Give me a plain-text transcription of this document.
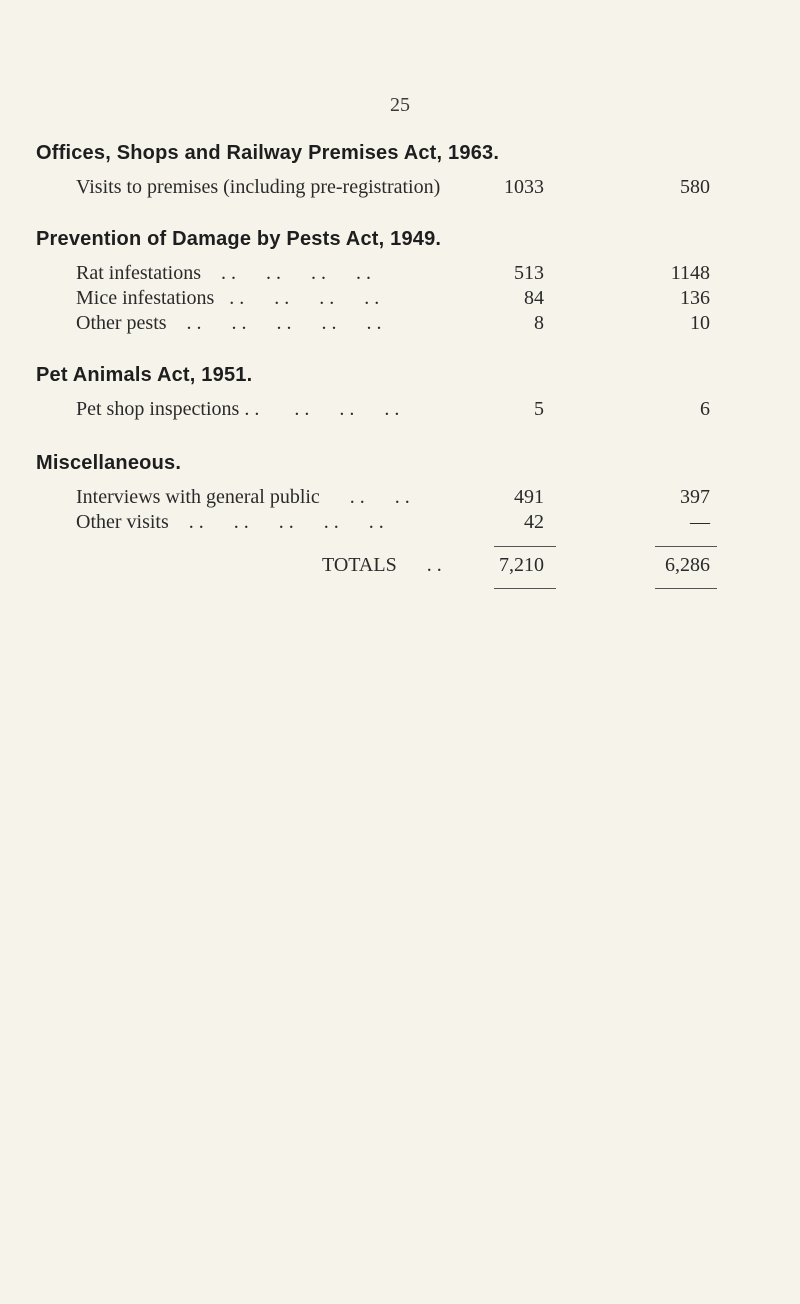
25
Offices, Shops and Railway Premises Act, 1963.
Visits to premises (including pre-registration)	1033	580
Prevention of Damage by Pests Act, 1949.
Rat infestations    . .      . .      . .      . .	513	1148
Mice infestations   . .      . .      . .      . .	84	136
Other pests    . .      . .      . .      . .      . .	8	10
Pet Animals Act, 1951.
Pet shop inspections . .       . .      . .      . .	5	6
Miscellaneous.
Interviews with general public      . .      . .	491	397
Other visits    . .      . .      . .      . .      . .	42	—
TOTALS      . .	7,210	6,286
